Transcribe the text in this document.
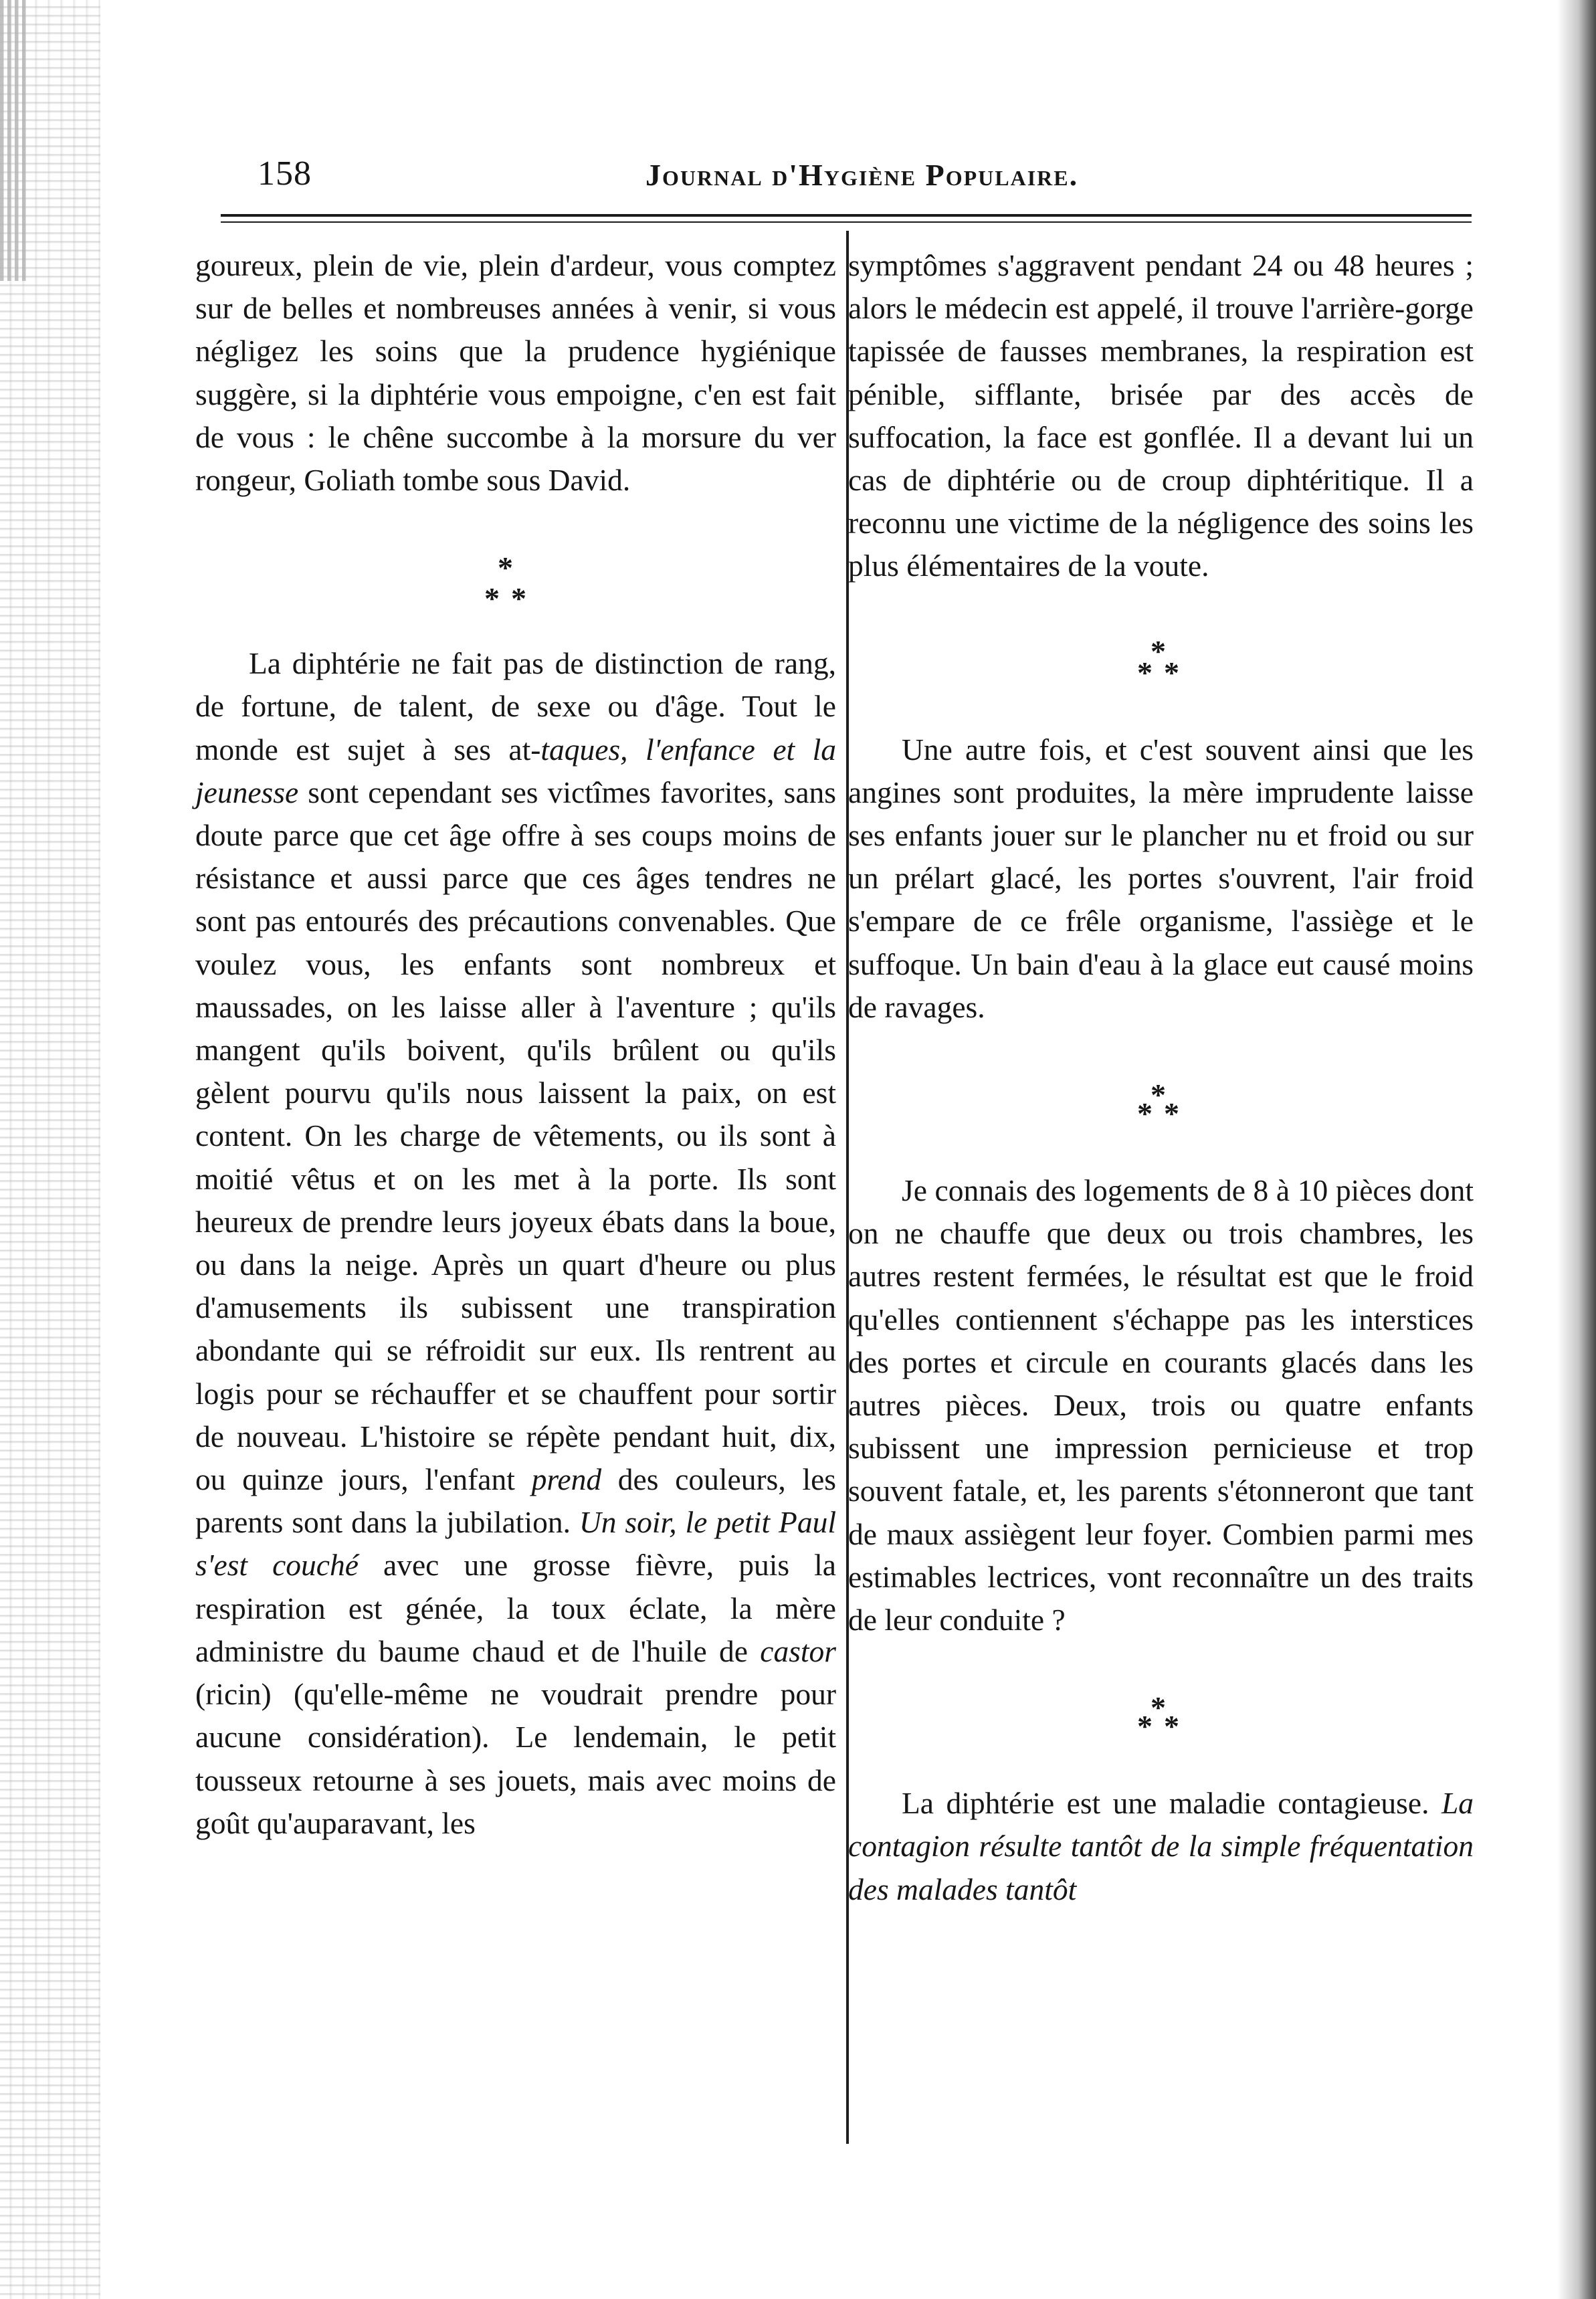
158	Journal d'Hygiène Populaire.

goureux, plein de vie, plein d'ardeur, vous comptez sur de belles et nombreuses années à venir, si vous négligez les soins que la prudence hygiénique suggère, si la diphtérie vous empoigne, c'en est fait de vous : le chêne succombe à la morsure du ver rongeur, Goliath tombe sous David.

*
* *

La diphtérie ne fait pas de distinction de rang, de fortune, de talent, de sexe ou d'âge. Tout le monde est sujet à ses at-taques, l'enfance et la jeunesse sont cependant ses victîmes favorites, sans doute parce que cet âge offre à ses coups moins de résistance et aussi parce que ces âges tendres ne sont pas entourés des précautions convenables. Que voulez vous, les enfants sont nombreux et maussades, on les laisse aller à l'aventure ; qu'ils mangent qu'ils boivent, qu'ils brûlent ou qu'ils gèlent pourvu qu'ils nous laissent la paix, on est content. On les charge de vêtements, ou ils sont à moitié vêtus et on les met à la porte. Ils sont heureux de prendre leurs joyeux ébats dans la boue, ou dans la neige. Après un quart d'heure ou plus d'amusements ils subissent une transpiration abondante qui se réfroidit sur eux. Ils rentrent au logis pour se réchauffer et se chauffent pour sortir de nouveau. L'histoire se répète pendant huit, dix, ou quinze jours, l'enfant prend des couleurs, les parents sont dans la jubilation. Un soir, le petit Paul s'est couché avec une grosse fièvre, puis la respiration est génée, la toux éclate, la mère administre du baume chaud et de l'huile de castor (ricin) (qu'elle-même ne voudrait prendre pour aucune considération). Le lendemain, le petit tousseux retourne à ses jouets, mais avec moins de goût qu'auparavant, les

symptômes s'aggravent pendant 24 ou 48 heures ; alors le médecin est appelé, il trouve l'arrière-gorge tapissée de fausses membranes, la respiration est pénible, sifflante, brisée par des accès de suffocation, la face est gonflée. Il a devant lui un cas de diphtérie ou de croup diphtéritique. Il a reconnu une victime de la négligence des soins les plus élémentaires de la voute.

*
* *

Une autre fois, et c'est souvent ainsi que les angines sont produites, la mère imprudente laisse ses enfants jouer sur le plancher nu et froid ou sur un prélart glacé, les portes s'ouvrent, l'air froid s'empare de ce frêle organisme, l'assiège et le suffoque. Un bain d'eau à la glace eut causé moins de ravages.

*
* *

Je connais des logements de 8 à 10 pièces dont on ne chauffe que deux ou trois chambres, les autres restent fermées, le résultat est que le froid qu'elles contiennent s'échappe pas les interstices des portes et circule en courants glacés dans les autres pièces. Deux, trois ou quatre enfants subissent une impression pernicieuse et trop souvent fatale, et, les parents s'étonneront que tant de maux assiègent leur foyer. Combien parmi mes estimables lectrices, vont reconnaître un des traits de leur conduite ?

*
* *

La diphtérie est une maladie contagieuse. La contagion résulte tantôt de la simple fréquentation des malades tantôt
